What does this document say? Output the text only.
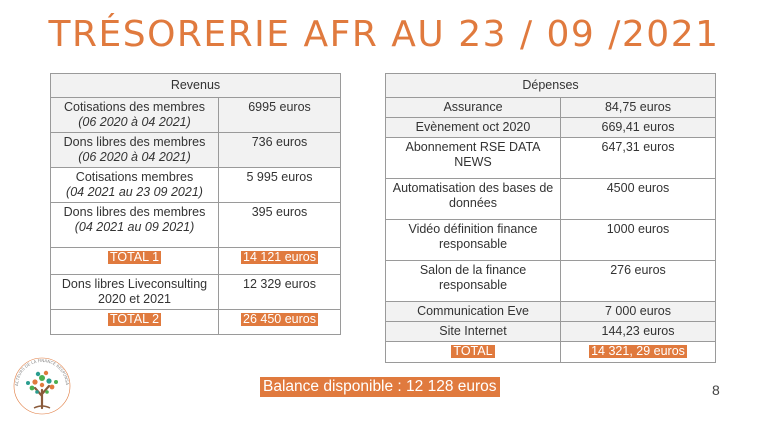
TRÉSORERIE AFR AU 23 / 09 /2021
Revenus	
Cotisations des membres
(06 2020 à 04 2021)	6995 euros
Dons libres des membres
(06 2020 à 04 2021)	736 euros
Cotisations membres
(04 2021 au 23 09 2021)	5 995 euros
Dons libres des membres
(04 2021 au 09 2021)	395 euros
TOTAL 1	14 121 euros
Dons libres Liveconsulting
2020 et 2021	12 329 euros
TOTAL 2	26 450 euros
Dépenses	
Assurance	84,75 euros
Evènement oct 2020	669,41 euros
Abonnement RSE DATA
NEWS	647,31 euros
Automatisation des bases de
données	4500 euros
Vidéo définition finance
responsable	1000 euros
Salon de la finance
responsable	276 euros
Communication Eve	7 000 euros
Site Internet	144,23 euros
TOTAL	14 321, 29 euros
Balance disponible : 12 128 euros	8
ACTEURS DE LA FINANCE RESPONSA
